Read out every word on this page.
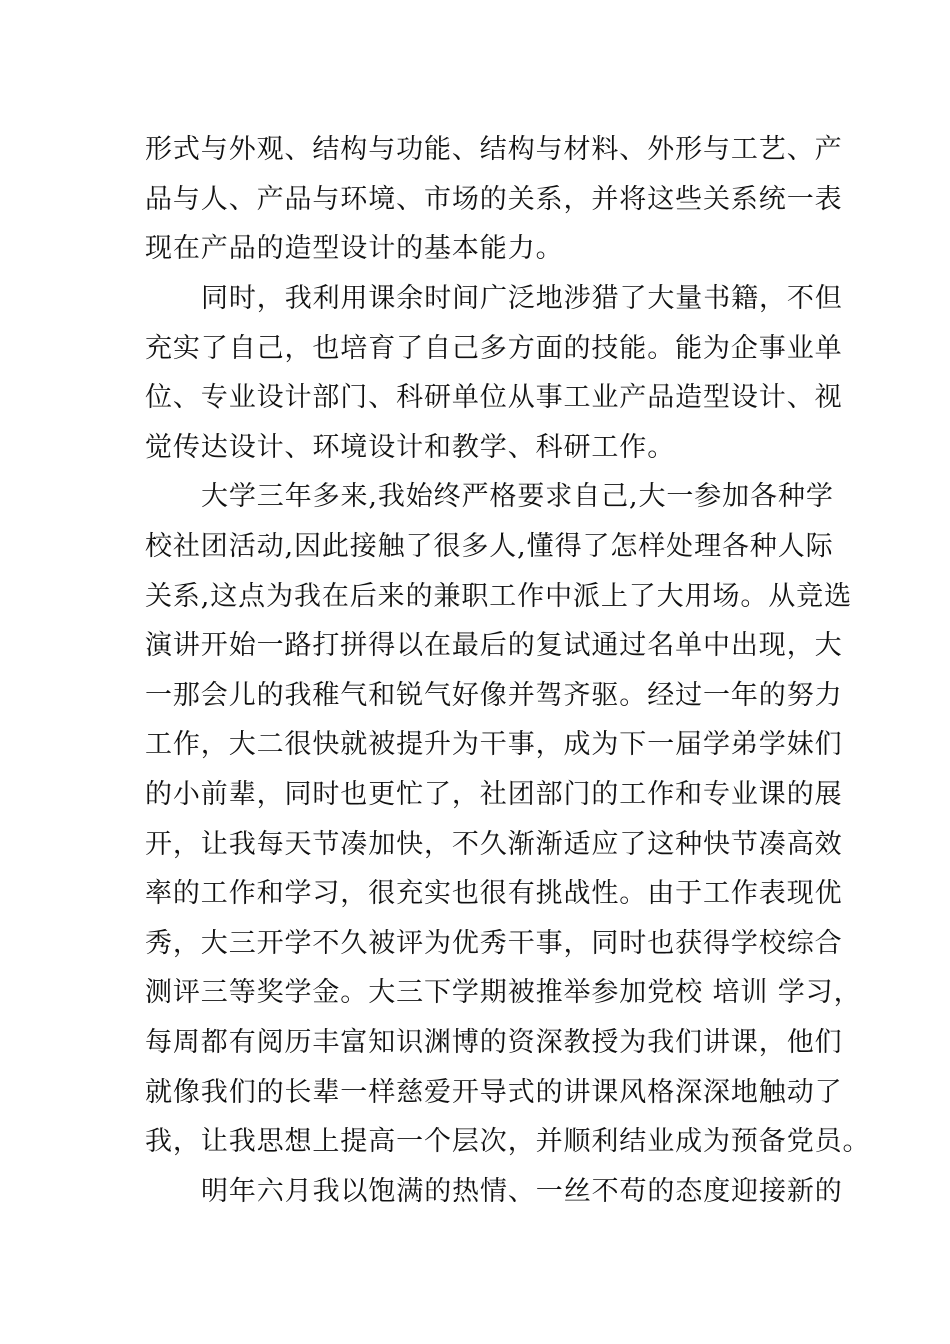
形式与外观、结构与功能、结构与材料、外形与工艺、产
品与人、产品与环境、市场的关系，并将这些关系统一表
现在产品的造型设计的基本能力。
同时，我利用课余时间广泛地涉猎了大量书籍，不但
充实了自己，也培育了自己多方面的技能。能为企事业单
位、专业设计部门、科研单位从事工业产品造型设计、视
觉传达设计、环境设计和教学、科研工作。
大学三年多来,我始终严格要求自己,大一参加各种学
校社团活动,因此接触了很多人,懂得了怎样处理各种人际
关系,这点为我在后来的兼职工作中派上了大用场。从竞选
演讲开始一路打拼得以在最后的复试通过名单中出现，大
一那会儿的我稚气和锐气好像并驾齐驱。经过一年的努力
工作，大二很快就被提升为干事，成为下一届学弟学妹们
的小前辈，同时也更忙了，社团部门的工作和专业课的展
开，让我每天节凑加快，不久渐渐适应了这种快节凑高效
率的工作和学习，很充实也很有挑战性。由于工作表现优
秀，大三开学不久被评为优秀干事，同时也获得学校综合
测评三等奖学金。大三下学期被推举参加党校 培训 学习，
每周都有阅历丰富知识渊博的资深教授为我们讲课，他们
就像我们的长辈一样慈爱开导式的讲课风格深深地触动了
我，让我思想上提高一个层次，并顺利结业成为预备党员。
明年六月我以饱满的热情、一丝不苟的态度迎接新的
